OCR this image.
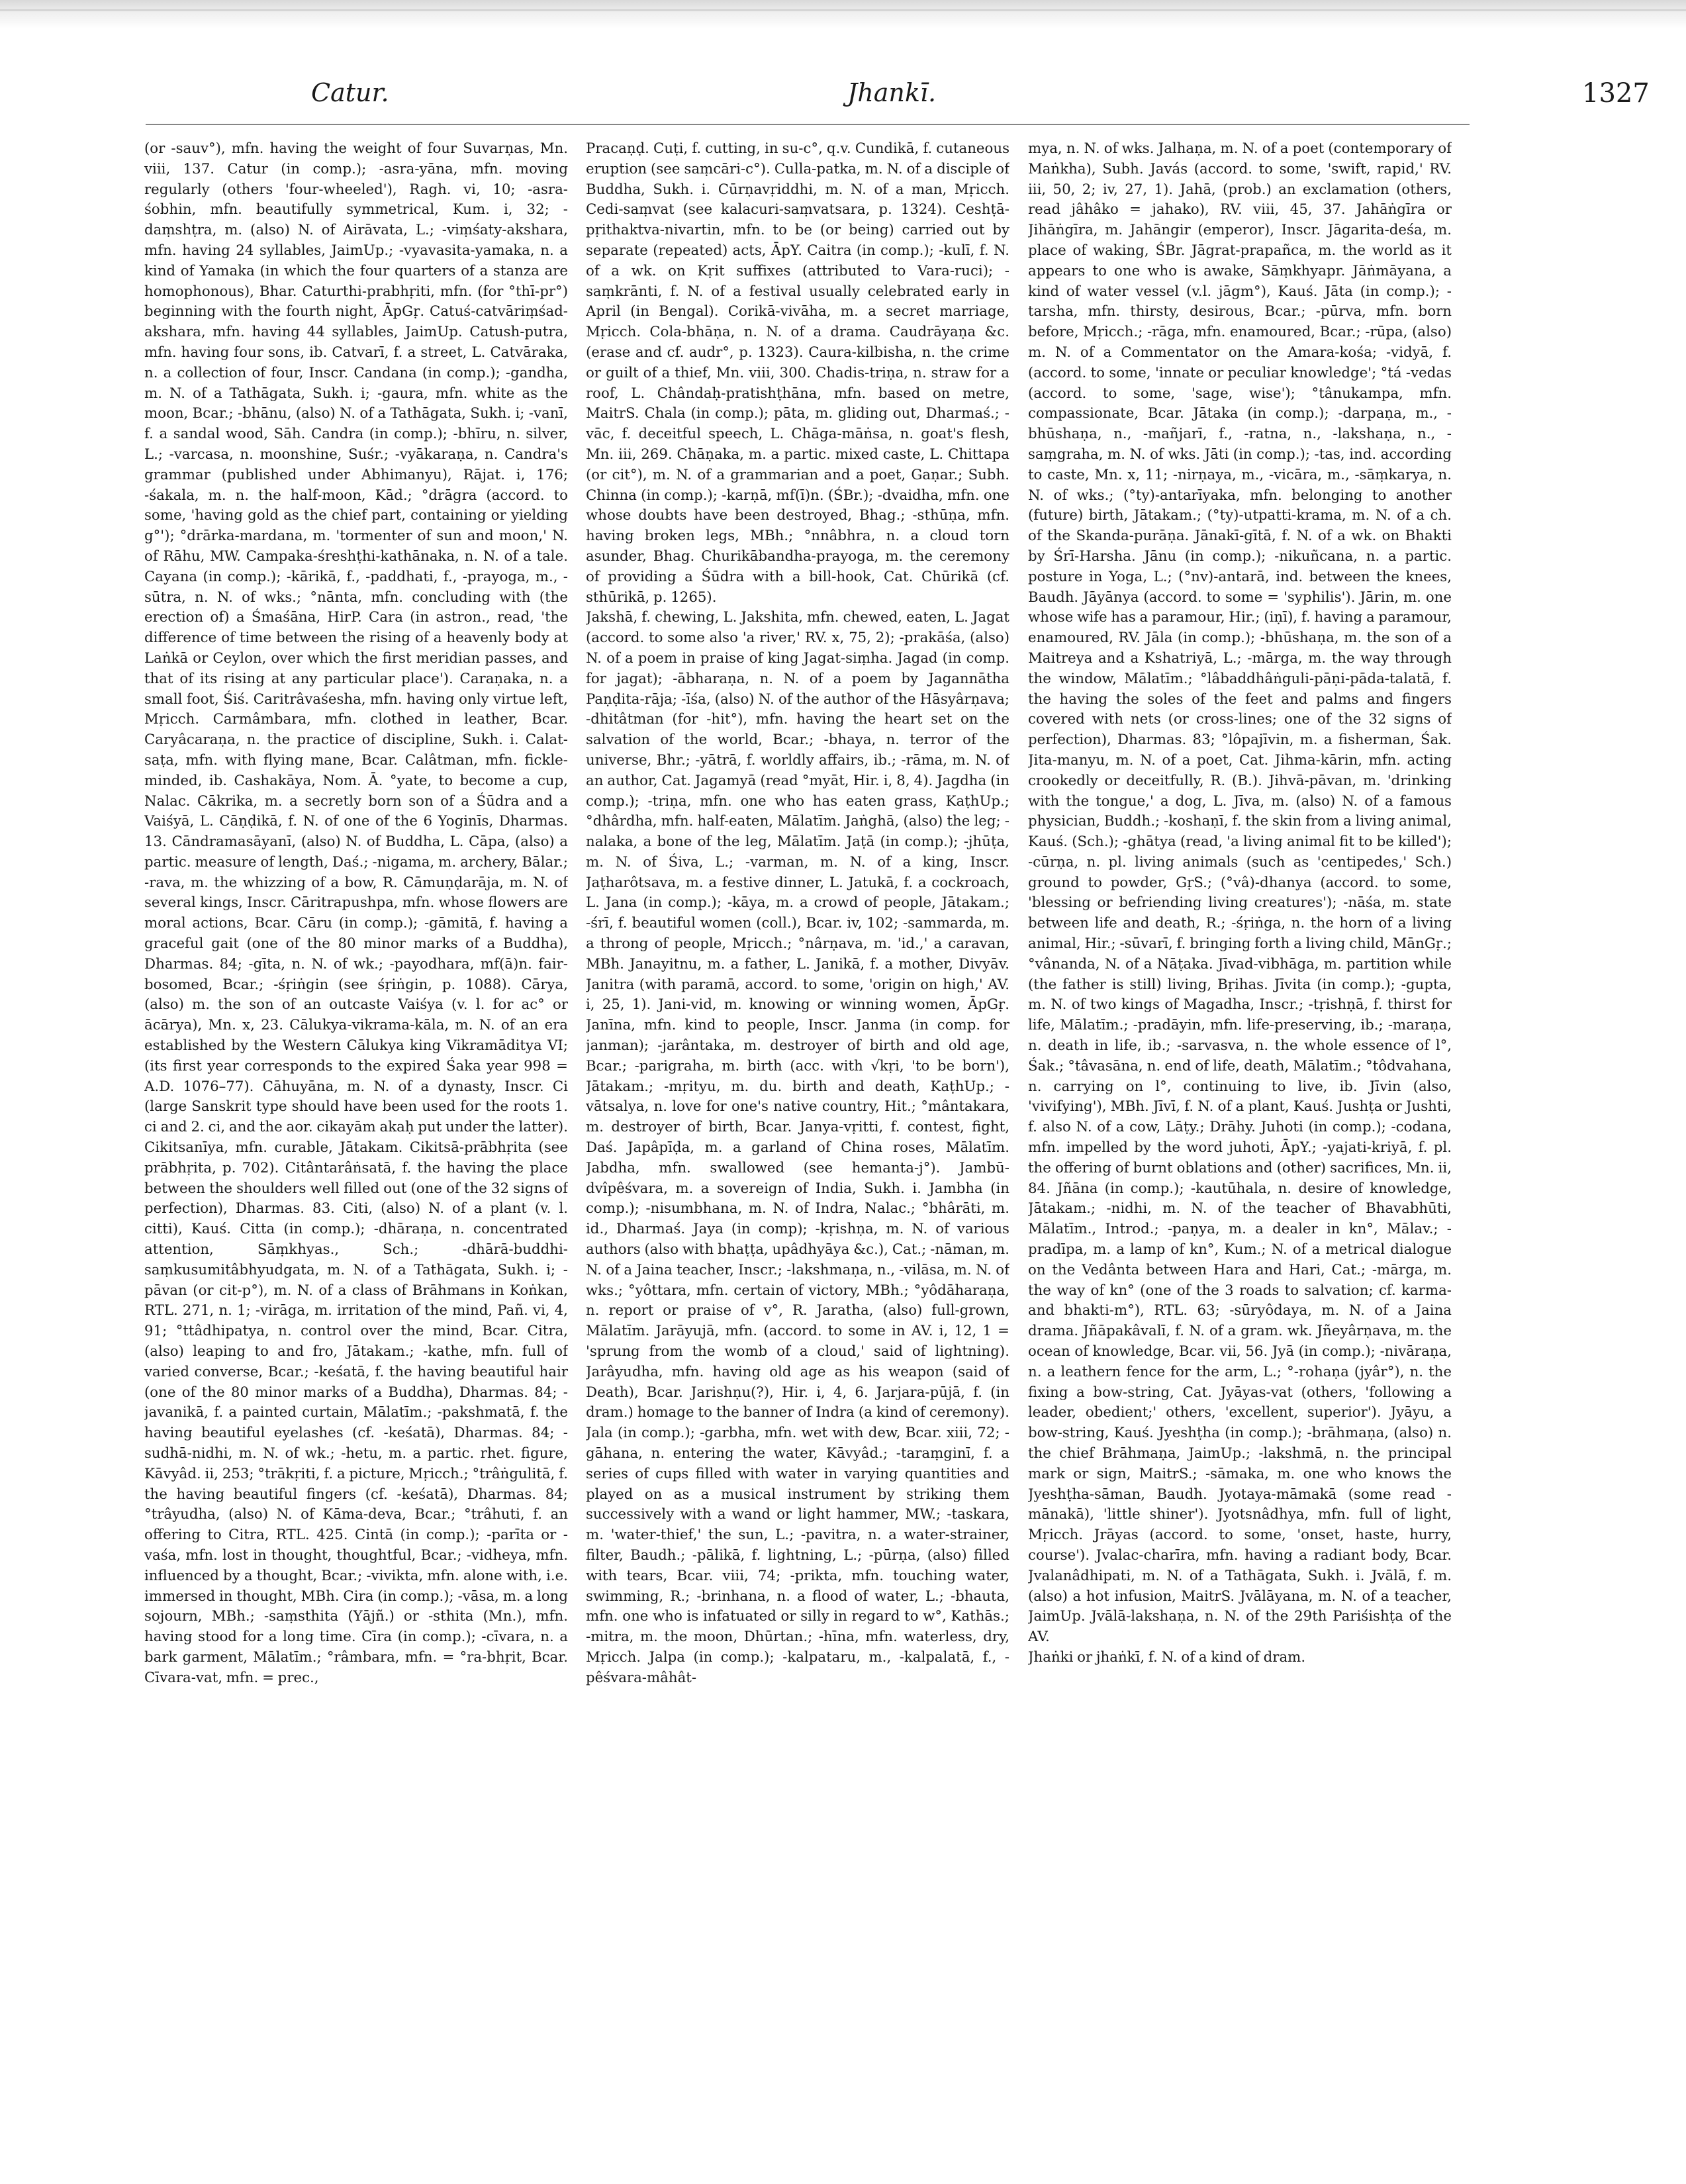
Catur.	Jhankī.	1327

(or -sauv°), mfn. having the weight of four Suvarṇas, Mn. viii, 137. Catur (in comp.); -asra-yāna, mfn. moving regularly (others 'four-wheeled'), Ragh. vi, 10; -asra-śobhin, mfn. beautifully symmetrical, Kum. i, 32; -daṃshṭra, m. (also) N. of Airāvata, L.; -viṃśaty-akshara, mfn. having 24 syllables, JaimUp.; -vyavasita-yamaka, n. a kind of Yamaka (in which the four quarters of a stanza are homophonous), Bhar. Caturthi-prabhṛiti, mfn. (for °thī-pr°) beginning with the fourth night, ĀpGṛ. Catuś-catvāriṃśad-akshara, mfn. having 44 syllables, JaimUp. Catush-putra, mfn. having four sons, ib. Catvarī, f. a street, L. Catvāraka, n. a collection of four, Inscr. Candana (in comp.); -gandha, m. N. of a Tathāgata, Sukh. i; -gaura, mfn. white as the moon, Bcar.; -bhānu, (also) N. of a Tathāgata, Sukh. i; -vanī, f. a sandal wood, Sāh. Candra (in comp.); -bhīru, n. silver, L.; -varcasa, n. moonshine, Suśr.; -vyākaraṇa, n. Candra's grammar (published under Abhimanyu), Rājat. i, 176; -śakala, m. n. the half-moon, Kād.; °drāgra (accord. to some, 'having gold as the chief part, containing or yielding g°'); °drārka-mardana, m. 'tormenter of sun and moon,' N. of Rāhu, MW. Campaka-śreshṭhi-kathānaka, n. N. of a tale. Cayana (in comp.); -kārikā, f., -paddhati, f., -prayoga, m., -sūtra, n. N. of wks.; °nānta, mfn. concluding with (the erection of) a Śmaśāna, HirP. Cara (in astron., read, 'the difference of time between the rising of a heavenly body at Laṅkā or Ceylon, over which the first meridian passes, and that of its rising at any particular place'). Caraṇaka, n. a small foot, Śiś. Caritrâvaśesha, mfn. having only virtue left, Mṛicch. Carmâmbara, mfn. clothed in leather, Bcar. Caryâcaraṇa, n. the practice of discipline, Sukh. i. Calat-saṭa, mfn. with flying mane, Bcar. Calâtman, mfn. fickle-minded, ib. Cashakāya, Nom. Ā. °yate, to become a cup, Nalac. Cākrika, m. a secretly born son of a Śūdra and a Vaiśyā, L. Cāṇḍikā, f. N. of one of the 6 Yoginīs, Dharmas. 13. Cāndramasāyanī, (also) N. of Buddha, L. Cāpa, (also) a partic. measure of length, Daś.; -nigama, m. archery, Bālar.; -rava, m. the whizzing of a bow, R. Cāmuṇḍarāja, m. N. of several kings, Inscr. Cāritrapushpa, mfn. whose flowers are moral actions, Bcar. Cāru (in comp.); -gāmitā, f. having a graceful gait (one of the 80 minor marks of a Buddha), Dharmas. 84; -gīta, n. N. of wk.; -payodhara, mf(ā)n. fair-bosomed, Bcar.; -śṛiṅgin (see śṛiṅgin, p. 1088). Cārya, (also) m. the son of an outcaste Vaiśya (v. l. for ac° or ācārya), Mn. x, 23. Cālukya-vikrama-kāla, m. N. of an era established by the Western Cālukya king Vikramāditya VI; (its first year corresponds to the expired Śaka year 998 = A.D. 1076–77). Cāhuyāna, m. N. of a dynasty, Inscr. Ci (large Sanskrit type should have been used for the roots 1. ci and 2. ci, and the aor. cikayām akaḥ put under the latter). Cikitsanīya, mfn. curable, Jātakam. Cikitsā-prābhṛita (see prābhṛita, p. 702). Citântarâṅsatā, f. the having the place between the shoulders well filled out (one of the 32 signs of perfection), Dharmas. 83. Citi, (also) N. of a plant (v. l. citti), Kauś. Citta (in comp.); -dhāraṇa, n. concentrated attention, Sāṃkhyas., Sch.; -dhārā-buddhi-saṃkusumitâbhyudgata, m. N. of a Tathāgata, Sukh. i; -pāvan (or cit-p°), m. N. of a class of Brāhmans in Koṅkan, RTL. 271, n. 1; -virāga, m. irritation of the mind, Pañ. vi, 4, 91; °ttâdhipatya, n. control over the mind, Bcar. Citra, (also) leaping to and fro, Jātakam.; -kathe, mfn. full of varied converse, Bcar.; -keśatā, f. the having beautiful hair (one of the 80 minor marks of a Buddha), Dharmas. 84; -javanikā, f. a painted curtain, Mālatīm.; -pakshmatā, f. the having beautiful eyelashes (cf. -keśatā), Dharmas. 84; -sudhā-nidhi, m. N. of wk.; -hetu, m. a partic. rhet. figure, Kāvyâd. ii, 253; °trākṛiti, f. a picture, Mṛicch.; °trâṅgulitā, f. the having beautiful fingers (cf. -keśatā), Dharmas. 84; °trâyudha, (also) N. of Kāma-deva, Bcar.; °trâhuti, f. an offering to Citra, RTL. 425. Cintā (in comp.); -parīta or -vaśa, mfn. lost in thought, thoughtful, Bcar.; -vidheya, mfn. influenced by a thought, Bcar.; -vivikta, mfn. alone with, i.e. immersed in thought, MBh. Cira (in comp.); -vāsa, m. a long sojourn, MBh.; -saṃsthita (Yājñ.) or -sthita (Mn.), mfn. having stood for a long time. Cīra (in comp.); -cīvara, n. a bark garment, Mālatīm.; °râmbara, mfn. = °ra-bhṛit, Bcar. Cīvara-vat, mfn. = prec.,

Pracaṇḍ. Cuṭi, f. cutting, in su-c°, q.v. Cundikā, f. cutaneous eruption (see saṃcāri-c°). Culla-patka, m. N. of a disciple of Buddha, Sukh. i. Cūrṇavṛiddhi, m. N. of a man, Mṛicch. Cedi-saṃvat (see kalacuri-saṃvatsara, p. 1324). Ceshṭā-pṛithaktva-nivartin, mfn. to be (or being) carried out by separate (repeated) acts, ĀpY. Caitra (in comp.); -kulī, f. N. of a wk. on Kṛit suffixes (attributed to Vara-ruci); -saṃkrānti, f. N. of a festival usually celebrated early in April (in Bengal). Corikā-vivāha, m. a secret marriage, Mṛicch. Cola-bhāṇa, n. N. of a drama. Caudrāyaṇa &c. (erase and cf. audr°, p. 1323). Caura-kilbisha, n. the crime or guilt of a thief, Mn. viii, 300. Chadis-triṇa, n. straw for a roof, L. Chândaḥ-pratishṭhāna, mfn. based on metre, MaitrS. Chala (in comp.); pāta, m. gliding out, Dharmaś.; -vāc, f. deceitful speech, L. Chāga-māṅsa, n. goat's flesh, Mn. iii, 269. Chāṇaka, m. a partic. mixed caste, L. Chittapa (or cit°), m. N. of a grammarian and a poet, Gaṇar.; Subh. Chinna (in comp.); -karṇā, mf(ī)n. (ŚBr.); -dvaidha, mfn. one whose doubts have been destroyed, Bhag.; -sthūṇa, mfn. having broken legs, MBh.; °nnâbhra, n. a cloud torn asunder, Bhag. Churikābandha-prayoga, m. the ceremony of providing a Śūdra with a bill-hook, Cat. Chūrikā (cf. sthūrikā, p. 1265).

Jakshā, f. chewing, L. Jakshita, mfn. chewed, eaten, L. Jagat (accord. to some also 'a river,' RV. x, 75, 2); -prakāśa, (also) N. of a poem in praise of king Jagat-siṃha. Jagad (in comp. for jagat); -ābharaṇa, n. N. of a poem by Jagannātha Paṇḍita-rāja; -īśa, (also) N. of the author of the Hāsyârṇava; -dhitâtman (for -hit°), mfn. having the heart set on the salvation of the world, Bcar.; -bhaya, n. terror of the universe, Bhr.; -yātrā, f. worldly affairs, ib.; -rāma, m. N. of an author, Cat. Jagamyā (read °myāt, Hir. i, 8, 4). Jagdha (in comp.); -triṇa, mfn. one who has eaten grass, KaṭhUp.; °dhârdha, mfn. half-eaten, Mālatīm. Jaṅghā, (also) the leg; -nalaka, a bone of the leg, Mālatīm. Jaṭā (in comp.); -jhūṭa, m. N. of Śiva, L.; -varman, m. N. of a king, Inscr. Jaṭharôtsava, m. a festive dinner, L. Jatukā, f. a cockroach, L. Jana (in comp.); -kāya, m. a crowd of people, Jātakam.; -śrī, f. beautiful women (coll.), Bcar. iv, 102; -sammarda, m. a throng of people, Mṛicch.; °nârṇava, m. 'id.,' a caravan, MBh. Janayitnu, m. a father, L. Janikā, f. a mother, Divyāv. Janitra (with paramā, accord. to some, 'origin on high,' AV. i, 25, 1). Jani-vid, m. knowing or winning women, ĀpGṛ. Janīna, mfn. kind to people, Inscr. Janma (in comp. for janman); -jarântaka, m. destroyer of birth and old age, Bcar.; -parigraha, m. birth (acc. with √kṛi, 'to be born'), Jātakam.; -mṛityu, m. du. birth and death, KaṭhUp.; -vātsalya, n. love for one's native country, Hit.; °mântakara, m. destroyer of birth, Bcar. Janya-vṛitti, f. contest, fight, Daś. Japâpīḍa, m. a garland of China roses, Mālatīm. Jabdha, mfn. swallowed (see hemanta-j°). Jambū-dvîpêśvara, m. a sovereign of India, Sukh. i. Jambha (in comp.); -nisumbhana, m. N. of Indra, Nalac.; °bhârāti, m. id., Dharmaś. Jaya (in comp); -kṛishṇa, m. N. of various authors (also with bhaṭṭa, upâdhyāya &c.), Cat.; -nāman, m. N. of a Jaina teacher, Inscr.; -lakshmaṇa, n., -vilāsa, m. N. of wks.; °yôttara, mfn. certain of victory, MBh.; °yôdāharaṇa, n. report or praise of v°, R. Jaratha, (also) full-grown, Mālatīm. Jarāyujā, mfn. (accord. to some in AV. i, 12, 1 = 'sprung from the womb of a cloud,' said of lightning). Jarâyudha, mfn. having old age as his weapon (said of Death), Bcar. Jarishṇu(?), Hir. i, 4, 6. Jarjara-pūjā, f. (in dram.) homage to the banner of Indra (a kind of ceremony). Jala (in comp.); -garbha, mfn. wet with dew, Bcar. xiii, 72; -gāhana, n. entering the water, Kāvyâd.; -taraṃginī, f. a series of cups filled with water in varying quantities and played on as a musical instrument by striking them successively with a wand or light hammer, MW.; -taskara, m. 'water-thief,' the sun, L.; -pavitra, n. a water-strainer, filter, Baudh.; -pālikā, f. lightning, L.; -pūrṇa, (also) filled with tears, Bcar. viii, 74; -prikta, mfn. touching water, swimming, R.; -brinhana, n. a flood of water, L.; -bhauta, mfn. one who is infatuated or silly in regard to w°, Kathās.; -mitra, m. the moon, Dhūrtan.; -hīna, mfn. waterless, dry, Mṛicch. Jalpa (in comp.); -kalpataru, m., -kalpalatā, f., -pêśvara-mâhât-

mya, n. N. of wks. Jalhaṇa, m. N. of a poet (contemporary of Maṅkha), Subh. Javás (accord. to some, 'swift, rapid,' RV. iii, 50, 2; iv, 27, 1). Jahā, (prob.) an exclamation (others, read jâhâko = jahako), RV. viii, 45, 37. Jahāṅgīra or Jihāṅgīra, m. Jahāngir (emperor), Inscr. Jāgarita-deśa, m. place of waking, ŚBr. Jāgrat-prapañca, m. the world as it appears to one who is awake, Sāṃkhyapr. Jāṅmāyana, a kind of water vessel (v.l. jāgm°), Kauś. Jāta (in comp.); -tarsha, mfn. thirsty, desirous, Bcar.; -pūrva, mfn. born before, Mṛicch.; -rāga, mfn. enamoured, Bcar.; -rūpa, (also) m. N. of a Commentator on the Amara-kośa; -vidyā, f. (accord. to some, 'innate or peculiar knowledge'; °tá -vedas (accord. to some, 'sage, wise'); °tânukampa, mfn. compassionate, Bcar. Jātaka (in comp.); -darpaṇa, m., -bhūshaṇa, n., -mañjarī, f., -ratna, n., -lakshaṇa, n., -saṃgraha, m. N. of wks. Jāti (in comp.); -tas, ind. according to caste, Mn. x, 11; -nirṇaya, m., -vicāra, m., -sāṃkarya, n. N. of wks.; (°ty)-antarīyaka, mfn. belonging to another (future) birth, Jātakam.; (°ty)-utpatti-krama, m. N. of a ch. of the Skanda-purāṇa. Jānakī-gītā, f. N. of a wk. on Bhakti by Śrī-Harsha. Jānu (in comp.); -nikuñcana, n. a partic. posture in Yoga, L.; (°nv)-antarā, ind. between the knees, Baudh. Jāyānya (accord. to some = 'syphilis'). Jārin, m. one whose wife has a paramour, Hir.; (iṇī), f. having a paramour, enamoured, RV. Jāla (in comp.); -bhūshaṇa, m. the son of a Maitreya and a Kshatriyā, L.; -mārga, m. the way through the window, Mālatīm.; °lâbaddhâṅguli-pāṇi-pāda-talatā, f. the having the soles of the feet and palms and fingers covered with nets (or cross-lines; one of the 32 signs of perfection), Dharmas. 83; °lôpajīvin, m. a fisherman, Śak. Jita-manyu, m. N. of a poet, Cat. Jihma-kārin, mfn. acting crookedly or deceitfully, R. (B.). Jihvā-pāvan, m. 'drinking with the tongue,' a dog, L. Jīva, m. (also) N. of a famous physician, Buddh.; -koshaṇī, f. the skin from a living animal, Kauś. (Sch.); -ghātya (read, 'a living animal fit to be killed'); -cūrṇa, n. pl. living animals (such as 'centipedes,' Sch.) ground to powder, GṛS.; (°vâ)-dhanya (accord. to some, 'blessing or befriending living creatures'); -nāśa, m. state between life and death, R.; -śṛiṅga, n. the horn of a living animal, Hir.; -sūvarī, f. bringing forth a living child, MānGṛ.; °vânanda, N. of a Nāṭaka. Jīvad-vibhāga, m. partition while (the father is still) living, Bṛihas. Jīvita (in comp.); -gupta, m. N. of two kings of Magadha, Inscr.; -tṛishṇā, f. thirst for life, Mālatīm.; -pradāyin, mfn. life-preserving, ib.; -maraṇa, n. death in life, ib.; -sarvasva, n. the whole essence of l°, Śak.; °tâvasāna, n. end of life, death, Mālatīm.; °tôdvahana, n. carrying on l°, continuing to live, ib. Jīvin (also, 'vivifying'), MBh. Jīvī, f. N. of a plant, Kauś. Jushṭa or Jushti, f. also N. of a cow, Lāṭy.; Drāhy. Juhoti (in comp.); -codana, mfn. impelled by the word juhoti, ĀpY.; -yajati-kriyā, f. pl. the offering of burnt oblations and (other) sacrifices, Mn. ii, 84. Jñāna (in comp.); -kautūhala, n. desire of knowledge, Jātakam.; -nidhi, m. N. of the teacher of Bhavabhūti, Mālatīm., Introd.; -paṇya, m. a dealer in kn°, Mālav.; -pradīpa, m. a lamp of kn°, Kum.; N. of a metrical dialogue on the Vedânta between Hara and Hari, Cat.; -mārga, m. the way of kn° (one of the 3 roads to salvation; cf. karma- and bhakti-m°), RTL. 63; -sūryôdaya, m. N. of a Jaina drama. Jñāpakâvalī, f. N. of a gram. wk. Jñeyârṇava, m. the ocean of knowledge, Bcar. vii, 56. Jyā (in comp.); -nivāraṇa, n. a leathern fence for the arm, L.; °-rohaṇa (jyâr°), n. the fixing a bow-string, Cat. Jyāyas-vat (others, 'following a leader, obedient;' others, 'excellent, superior'). Jyāyu, a bow-string, Kauś. Jyeshṭha (in comp.); -brāhmaṇa, (also) n. the chief Brāhmaṇa, JaimUp.; -lakshmā, n. the principal mark or sign, MaitrS.; -sāmaka, m. one who knows the Jyeshṭha-sāman, Baudh. Jyotaya-māmakā (some read -mānakā), 'little shiner'). Jyotsnâdhya, mfn. full of light, Mṛicch. Jrāyas (accord. to some, 'onset, haste, hurry, course'). Jvalac-charīra, mfn. having a radiant body, Bcar. Jvalanâdhipati, m. N. of a Tathāgata, Sukh. i. Jvālā, f. m. (also) a hot infusion, MaitrS. Jvālāyana, m. N. of a teacher, JaimUp. Jvālā-lakshaṇa, n. N. of the 29th Pariśishṭa of the AV.

Jhaṅki or jhaṅkī, f. N. of a kind of dram.
